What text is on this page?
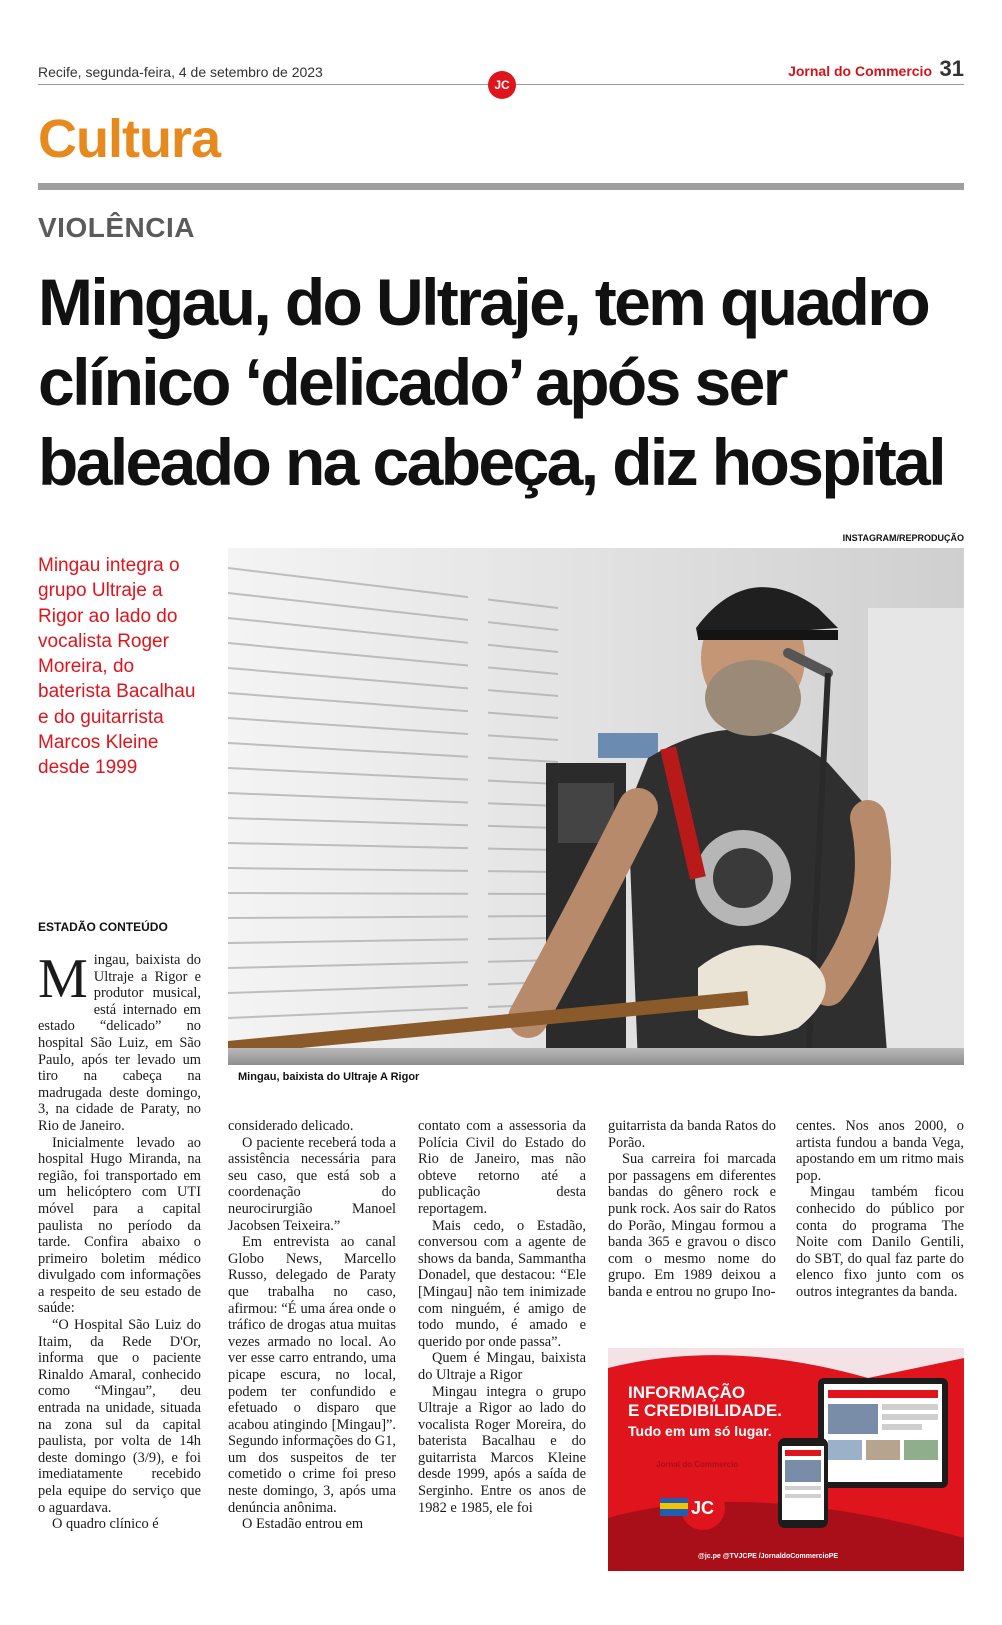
Recife, segunda-feira, 4 de setembro de 2023
JC
Jornal do Commercio 31
Cultura
VIOLÊNCIA
Mingau, do Ultraje, tem quadro
clínico ‘delicado’ após ser
baleado na cabeça, diz hospital
Mingau integra o grupo Ultraje a Rigor ao lado do vocalista Roger Moreira, do baterista Bacalhau e do guitarrista Marcos Kleine desde 1999
INSTAGRAM/REPRODUÇÃO
Mingau, baixista do Ultraje A Rigor
ESTADÃO CONTEÚDO

Mingau, baixista do Ultraje a Rigor e produtor musical, está internado em estado “delicado” no hospital São Luiz, em São Paulo, após ter levado um tiro na cabeça na madrugada deste domingo, 3, na cidade de Paraty, no Rio de Janeiro.

Inicialmente levado ao hospital Hugo Miranda, na região, foi transportado em um helicóptero com UTI móvel para a capital paulista no período da tarde. Confira abaixo o primeiro boletim médico divulgado com informações a respeito de seu estado de saúde:

“O Hospital São Luiz do Itaim, da Rede D'Or, informa que o paciente Rinaldo Amaral, conhecido como “Mingau”, deu entrada na unidade, situada na zona sul da capital paulista, por volta de 14h deste domingo (3/9), e foi imediatamente recebido pela equipe do serviço que o aguardava.

O quadro clínico é

considerado delicado.

O paciente receberá toda a assistência necessária para seu caso, que está sob a coordenação do neurocirurgião Manoel Jacobsen Teixeira.”

Em entrevista ao canal Globo News, Marcello Russo, delegado de Paraty que trabalha no caso, afirmou: “É uma área onde o tráfico de drogas atua muitas vezes armado no local. Ao ver esse carro entrando, uma picape escura, no local, podem ter confundido e efetuado o disparo que acabou atingindo [Mingau]”. Segundo informações do G1, um dos suspeitos de ter cometido o crime foi preso neste domingo, 3, após uma denúncia anônima.

O Estadão entrou em

contato com a assessoria da Polícia Civil do Estado do Rio de Janeiro, mas não obteve retorno até a publicação desta reportagem.

Mais cedo, o Estadão, conversou com a agente de shows da banda, Sammantha Donadel, que destacou: “Ele [Mingau] não tem inimizade com ninguém, é amigo de todo mundo, é amado e querido por onde passa”.

Quem é Mingau, baixista do Ultraje a Rigor

Mingau integra o grupo Ultraje a Rigor ao lado do vocalista Roger Moreira, do baterista Bacalhau e do guitarrista Marcos Kleine desde 1999, após a saída de Serginho. Entre os anos de 1982 e 1985, ele foi

guitarrista da banda Ratos do Porão.

Sua carreira foi marcada por passagens em diferentes bandas do gênero rock e punk rock. Aos sair do Ratos do Porão, Mingau formou a banda 365 e gravou o disco com o mesmo nome do grupo. Em 1989 deixou a banda e entrou no grupo Ino-

centes. Nos anos 2000, o artista fundou a banda Vega, apostando em um ritmo mais pop.

Mingau também ficou conhecido do público por conta do programa The Noite com Danilo Gentili, do SBT, do qual faz parte do elenco fixo junto com os outros integrantes da banda.

INFORMAÇÃO
E CREDIBILIDADE.
Tudo em um só lugar.
Jornal do Commercio
JC
@jc.pe @TVJCPE /JornaldoCommercioPE
